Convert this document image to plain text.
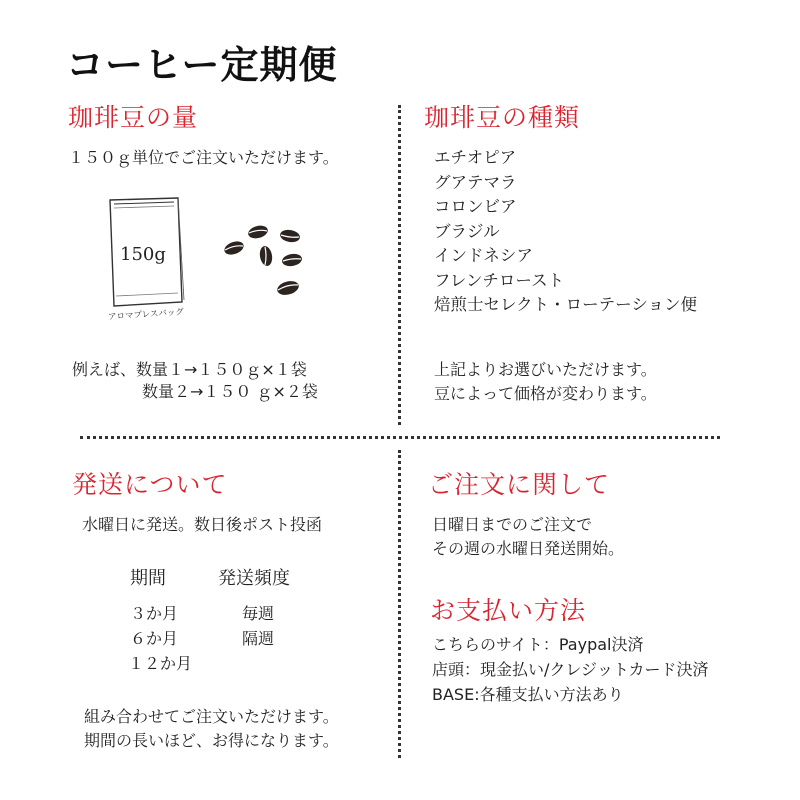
コーヒー定期便
珈琲豆の量
１５０ｇ単位でご注文いただけます。
150g
アロマプレスバッグ
例えば、数量１→１５０ｇ×１袋
数量２→１５０ ｇ×２袋
珈琲豆の種類
エチオピア
グアテマラ
コロンビア
ブラジル
インドネシア
フレンチロースト
焙煎士セレクト・ローテーション便
上記よりお選びいただけます。
豆によって価格が変わります。
発送について
水曜日に発送。数日後ポスト投函
期間	発送頻度
３か月	毎週
６か月	隔週
１２か月
組み合わせてご注文いただけます。
期間の長いほど、お得になります。
ご注文に関して
日曜日までのご注文で
その週の水曜日発送開始。
お支払い方法
こちらのサイト：Paypal決済
店頭：現金払い/クレジットカード決済
BASE:各種支払い方法あり
